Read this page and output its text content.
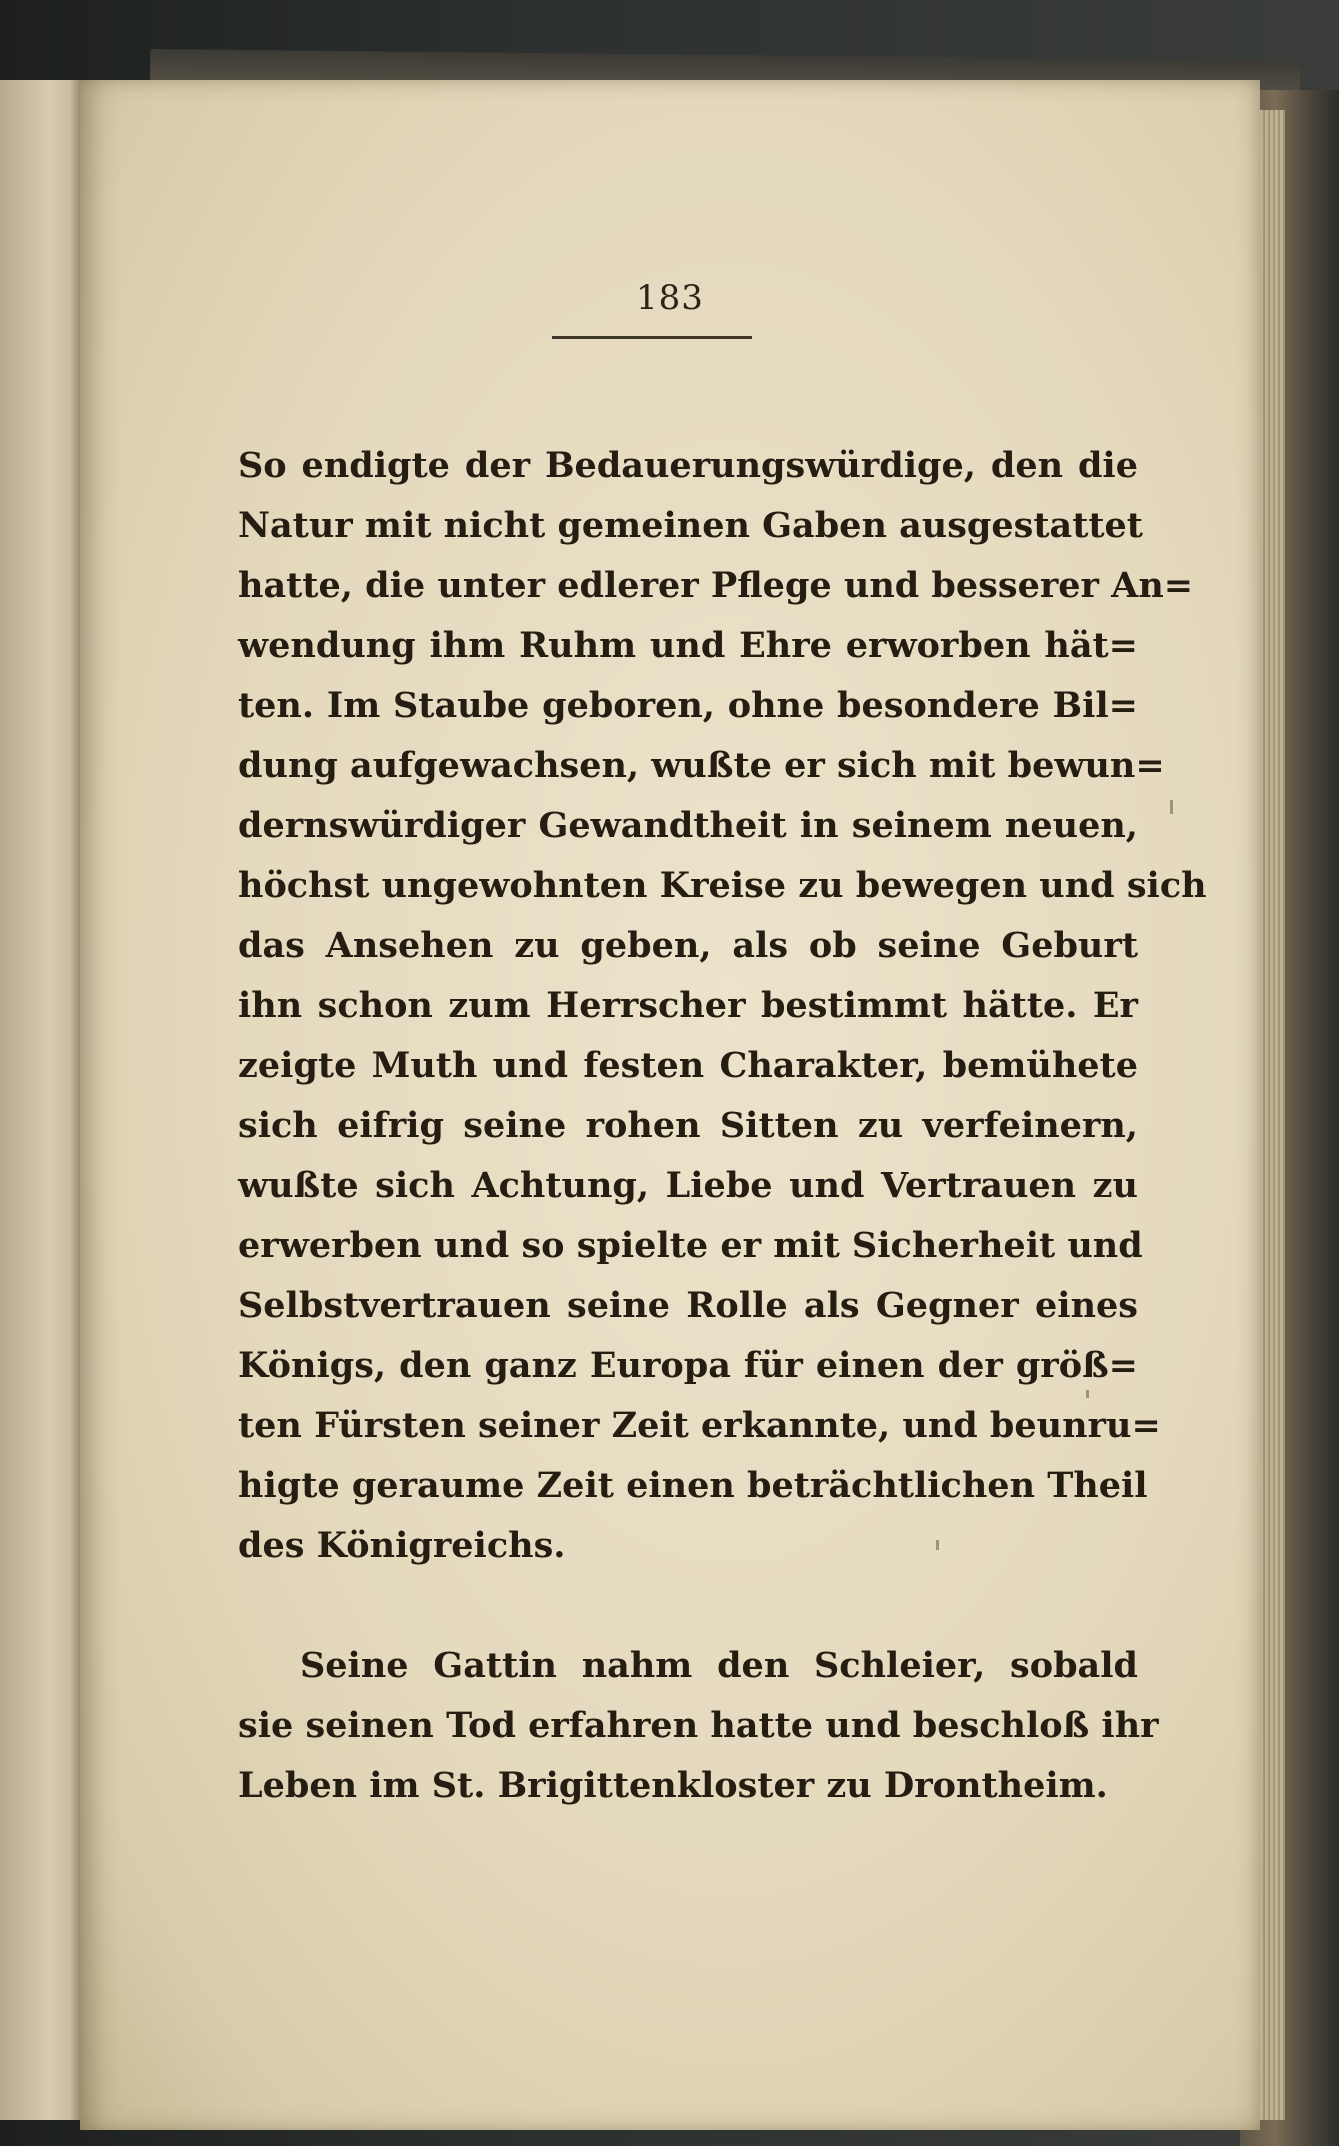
183
So endigte der Bedauerungswürdige, den die
Natur mit nicht gemeinen Gaben ausgestattet
hatte, die unter edlerer Pflege und besserer An=
wendung ihm Ruhm und Ehre erworben hät=
ten. Im Staube geboren, ohne besondere Bil=
dung aufgewachsen, wußte er sich mit bewun=
dernswürdiger Gewandtheit in seinem neuen,
höchst ungewohnten Kreise zu bewegen und sich
das Ansehen zu geben, als ob seine Geburt
ihn schon zum Herrscher bestimmt hätte. Er
zeigte Muth und festen Charakter, bemühete
sich eifrig seine rohen Sitten zu verfeinern,
wußte sich Achtung, Liebe und Vertrauen zu
erwerben und so spielte er mit Sicherheit und
Selbstvertrauen seine Rolle als Gegner eines
Königs, den ganz Europa für einen der größ=
ten Fürsten seiner Zeit erkannte, und beunru=
higte geraume Zeit einen beträchtlichen Theil
des Königreichs.
Seine Gattin nahm den Schleier, sobald
sie seinen Tod erfahren hatte und beschloß ihr
Leben im St. Brigittenkloster zu Drontheim.
